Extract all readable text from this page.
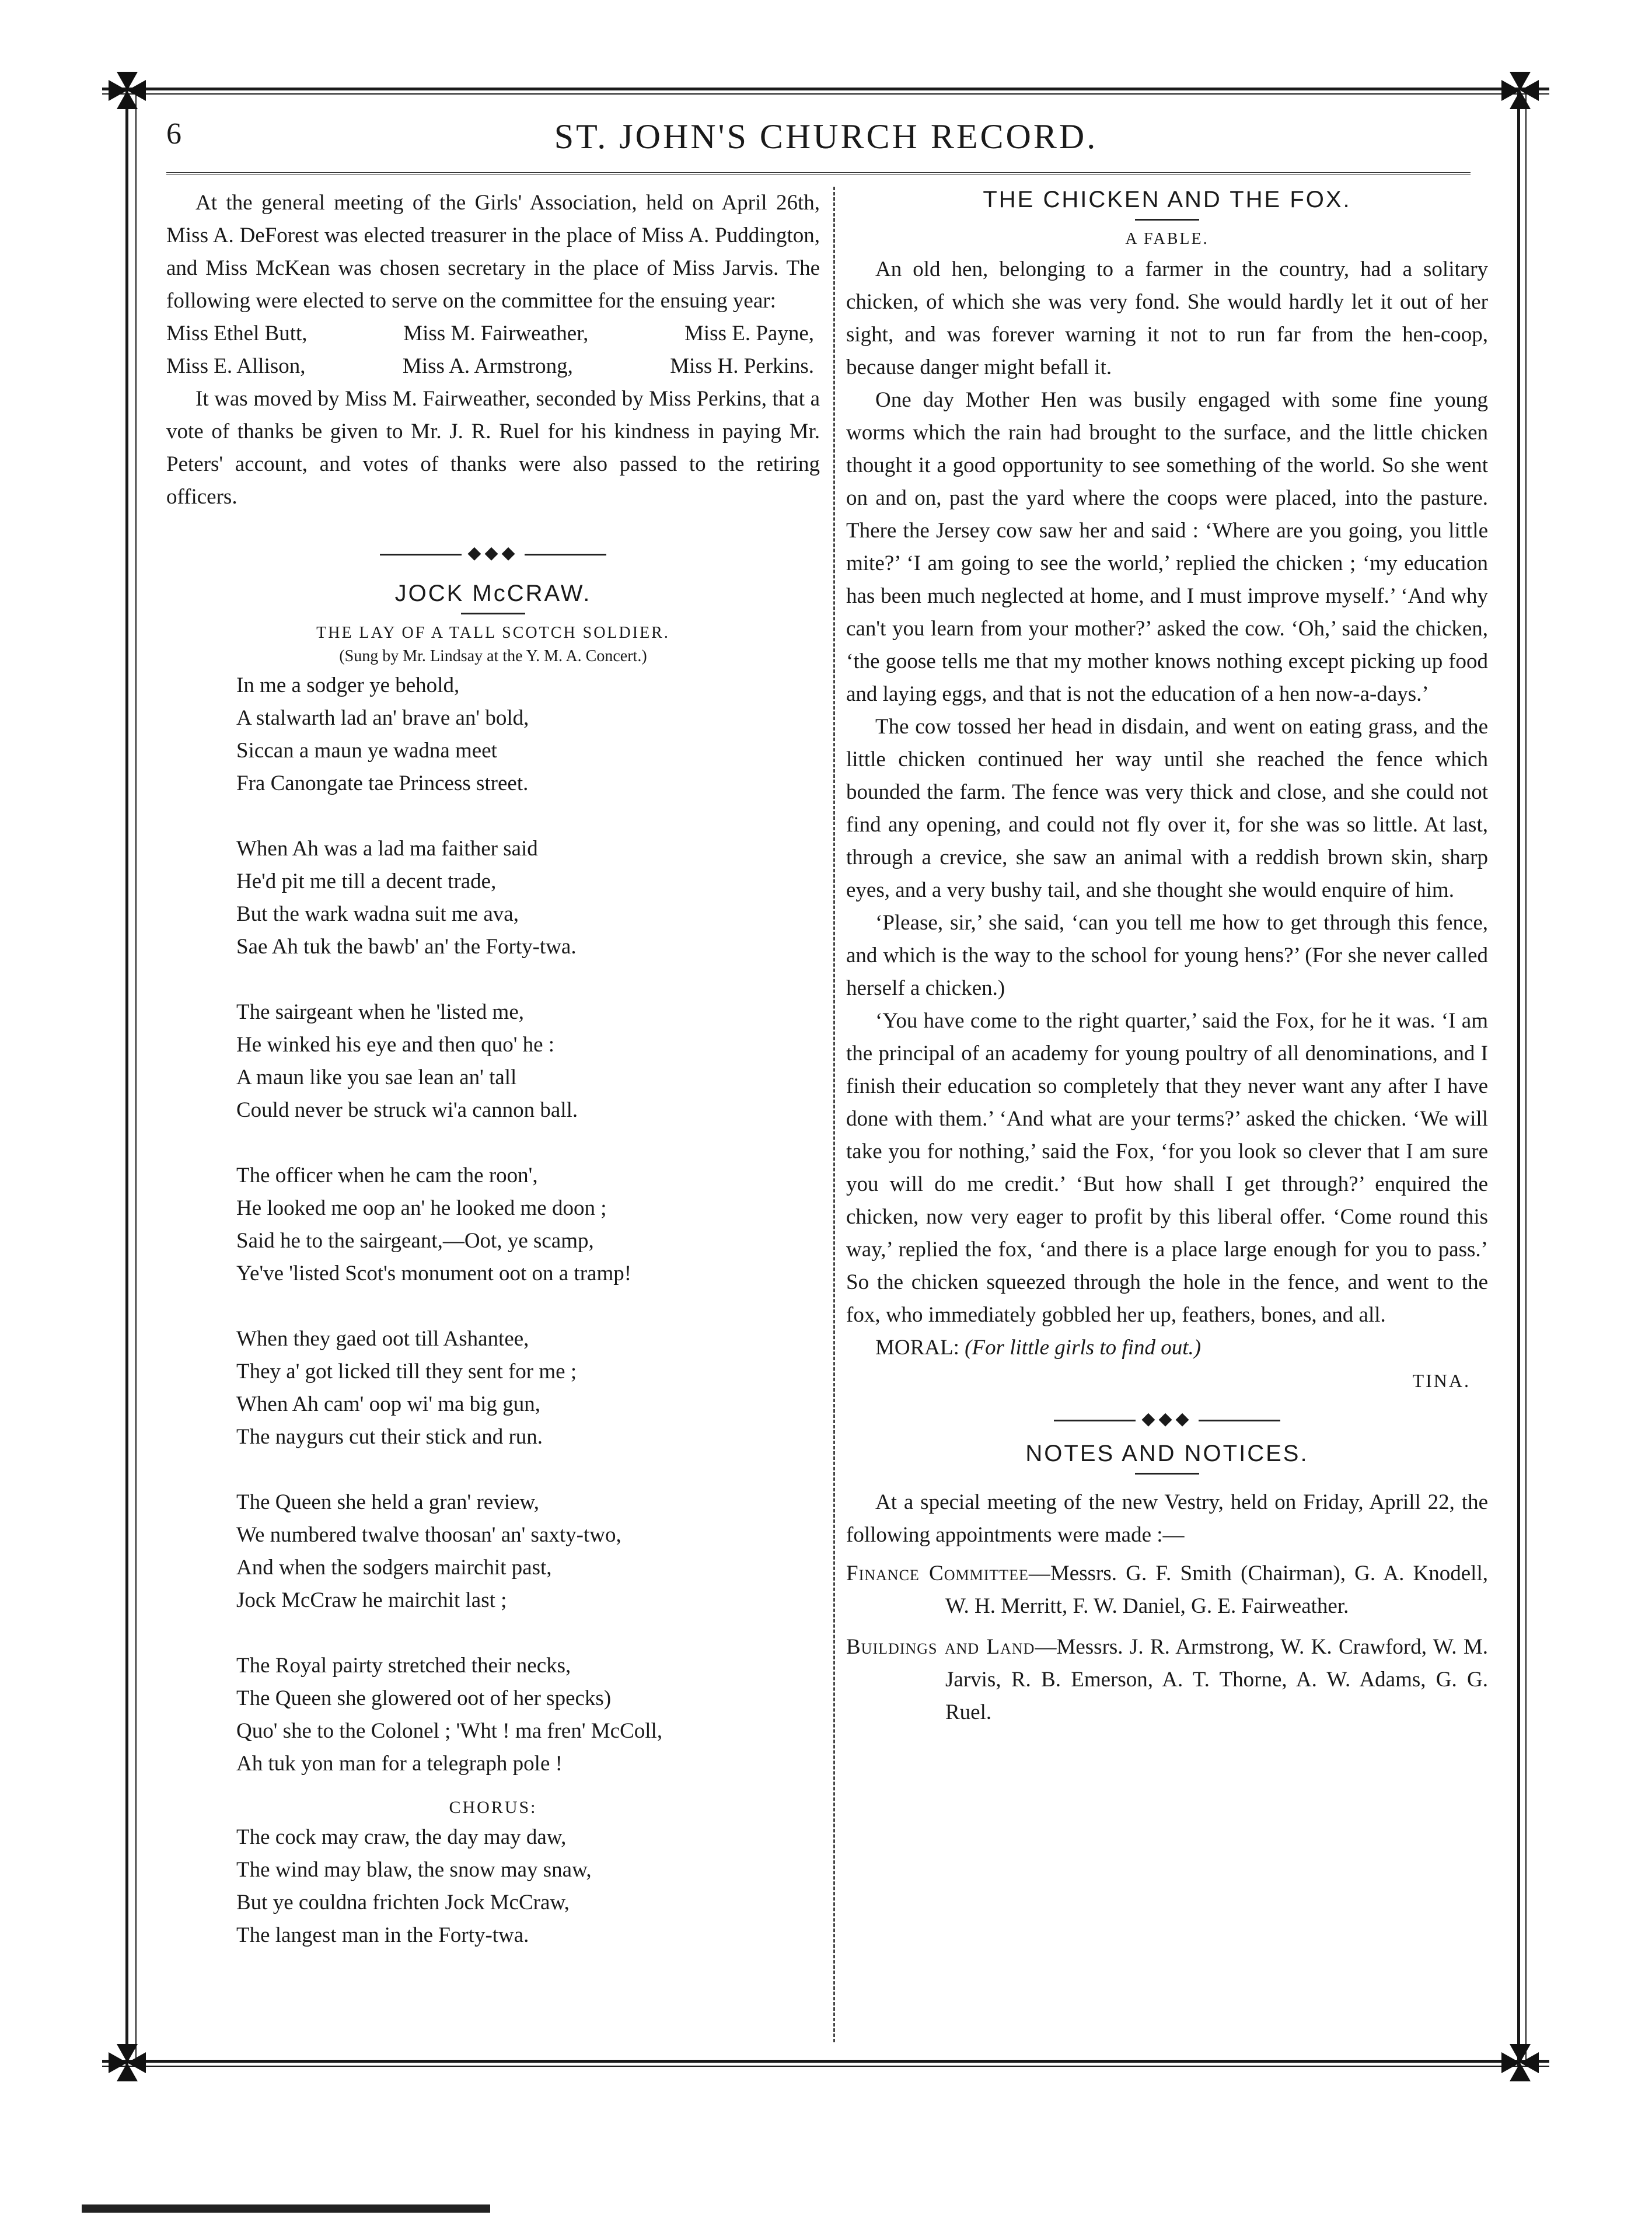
6	ST. JOHN'S CHURCH RECORD.

At the general meeting of the Girls' Association, held on April 26th, Miss A. DeForest was elected treasurer in the place of Miss A. Puddington, and Miss McKean was chosen secretary in the place of Miss Jarvis. The following were elected to serve on the committee for the ensuing year:

Miss Ethel Butt,	Miss M. Fairweather,	Miss E. Payne,
Miss E. Allison,	Miss A. Armstrong,	Miss H. Perkins.

It was moved by Miss M. Fairweather, seconded by Miss Perkins, that a vote of thanks be given to Mr. J. R. Ruel for his kindness in paying Mr. Peters' account, and votes of thanks were also passed to the retiring officers.

◆◆◆
JOCK McCRAW.
THE LAY OF A TALL SCOTCH SOLDIER.
(Sung by Mr. Lindsay at the Y. M. A. Concert.)
In me a sodger ye behold,
A stalwarth lad an' brave an' bold,
Siccan a maun ye wadna meet
Fra Canongate tae Princess street.
When Ah was a lad ma faither said
He'd pit me till a decent trade,
But the wark wadna suit me ava,
Sae Ah tuk the bawb' an' the Forty-twa.
The sairgeant when he 'listed me,
He winked his eye and then quo' he :
A maun like you sae lean an' tall
Could never be struck wi'a cannon ball.
The officer when he cam the roon',
He looked me oop an' he looked me doon ;
Said he to the sairgeant,—Oot, ye scamp,
Ye've 'listed Scot's monument oot on a tramp!
When they gaed oot till Ashantee,
They a' got licked till they sent for me ;
When Ah cam' oop wi' ma big gun,
The naygurs cut their stick and run.
The Queen she held a gran' review,
We numbered twalve thoosan' an' saxty-two,
And when the sodgers mairchit past,
Jock McCraw he mairchit last ;
The Royal pairty stretched their necks,
The Queen she glowered oot of her specks)
Quo' she to the Colonel ; 'Wht ! ma fren' McColl,
Ah tuk yon man for a telegraph pole !
CHORUS:
The cock may craw, the day may daw,
The wind may blaw, the snow may snaw,
But ye couldna frichten Jock McCraw,
The langest man in the Forty-twa.
THE CHICKEN AND THE FOX.
A FABLE.

An old hen, belonging to a farmer in the country, had a solitary chicken, of which she was very fond. She would hardly let it out of her sight, and was forever warning it not to run far from the hen-coop, because danger might befall it.

One day Mother Hen was busily engaged with some fine young worms which the rain had brought to the surface, and the little chicken thought it a good opportunity to see something of the world. So she went on and on, past the yard where the coops were placed, into the pasture. There the Jersey cow saw her and said : ‘Where are you going, you little mite?’ ‘I am going to see the world,’ replied the chicken ; ‘my education has been much neglected at home, and I must improve myself.’ ‘And why can't you learn from your mother?’ asked the cow. ‘Oh,’ said the chicken, ‘the goose tells me that my mother knows nothing except picking up food and laying eggs, and that is not the education of a hen now-a-days.’

The cow tossed her head in disdain, and went on eating grass, and the little chicken continued her way until she reached the fence which bounded the farm. The fence was very thick and close, and she could not find any opening, and could not fly over it, for she was so little. At last, through a crevice, she saw an animal with a reddish brown skin, sharp eyes, and a very bushy tail, and she thought she would enquire of him.

‘Please, sir,’ she said, ‘can you tell me how to get through this fence, and which is the way to the school for young hens?’ (For she never called herself a chicken.)

‘You have come to the right quarter,’ said the Fox, for he it was. ‘I am the principal of an academy for young poultry of all denominations, and I finish their education so completely that they never want any after I have done with them.’ ‘And what are your terms?’ asked the chicken. ‘We will take you for nothing,’ said the Fox, ‘for you look so clever that I am sure you will do me credit.’ ‘But how shall I get through?’ enquired the chicken, now very eager to profit by this liberal offer. ‘Come round this way,’ replied the fox, ‘and there is a place large enough for you to pass.’ So the chicken squeezed through the hole in the fence, and went to the fox, who immediately gobbled her up, feathers, bones, and all.

MORAL: (For little girls to find out.)
TINA.
◆◆◆
NOTES AND NOTICES.

At a special meeting of the new Vestry, held on Friday, Aprill 22, the following appointments were made :—

Finance Committee—Messrs. G. F. Smith (Chairman), G. A. Knodell, W. H. Merritt, F. W. Daniel, G. E. Fairweather.
Buildings and Land—Messrs. J. R. Armstrong, W. K. Crawford, W. M. Jarvis, R. B. Emerson, A. T. Thorne, A. W. Adams, G. G. Ruel.
